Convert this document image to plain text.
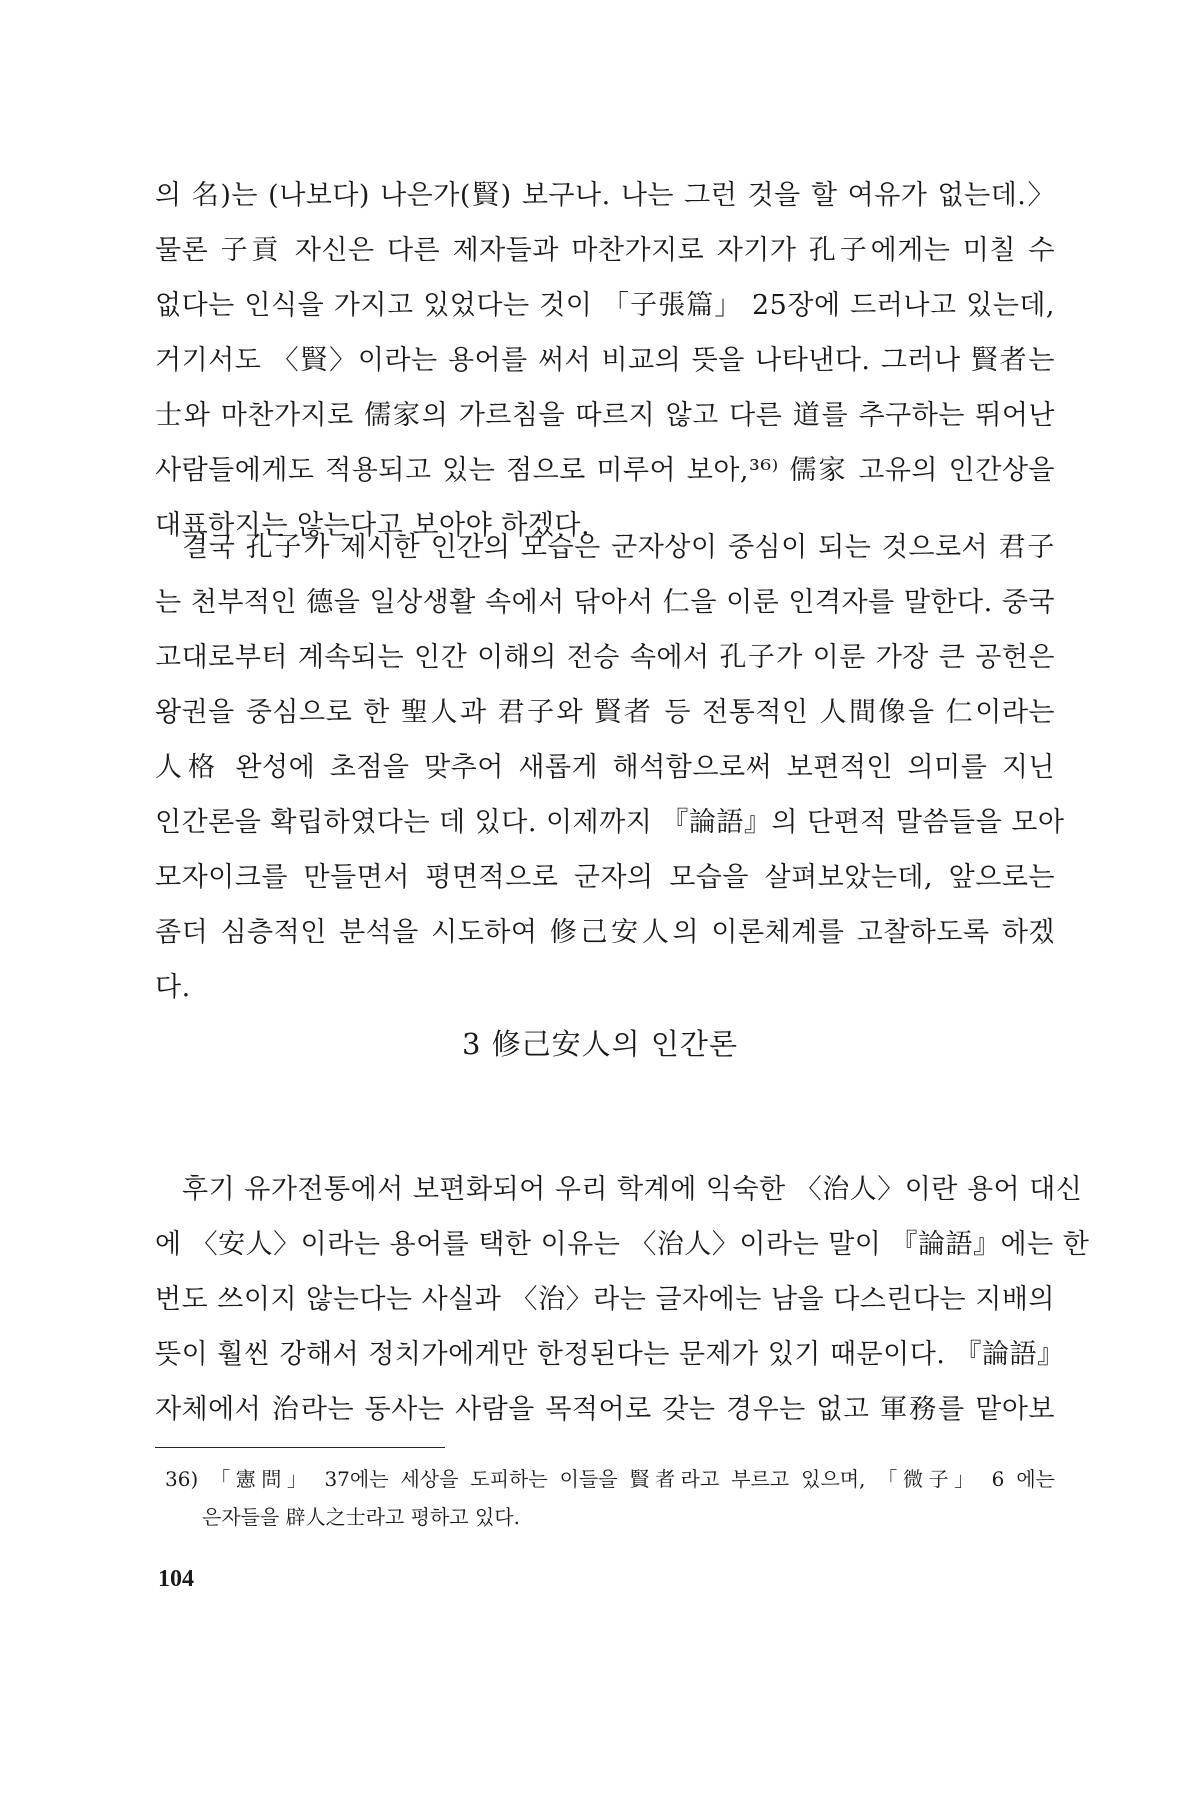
의 名)는 (나보다) 나은가(賢) 보구나. 나는 그런 것을 할 여유가 없는데.〉
물론 子貢 자신은 다른 제자들과 마찬가지로 자기가 孔子에게는 미칠 수
없다는 인식을 가지고 있었다는 것이 「子張篇」 25장에 드러나고 있는데,
거기서도 〈賢〉이라는 용어를 써서 비교의 뜻을 나타낸다. 그러나 賢者는
士와 마찬가지로 儒家의 가르침을 따르지 않고 다른 道를 추구하는 뛰어난
사람들에게도 적용되고 있는 점으로 미루어 보아,³⁶⁾ 儒家 고유의 인간상을
대표하지는 않는다고 보아야 하겠다.
결국 孔子가 제시한 인간의 모습은 군자상이 중심이 되는 것으로서 君子
는 천부적인 德을 일상생활 속에서 닦아서 仁을 이룬 인격자를 말한다. 중국
고대로부터 계속되는 인간 이해의 전승 속에서 孔子가 이룬 가장 큰 공헌은
왕권을 중심으로 한 聖人과 君子와 賢者 등 전통적인 人間像을 仁이라는
人格 완성에 초점을 맞추어 새롭게 해석함으로써 보편적인 의미를 지닌
인간론을 확립하였다는 데 있다. 이제까지 『論語』의 단편적 말씀들을 모아
모자이크를 만들면서 평면적으로 군자의 모습을 살펴보았는데, 앞으로는
좀더 심층적인 분석을 시도하여 修己安人의 이론체계를 고찰하도록 하겠
다.
3 修己安人의 인간론
후기 유가전통에서 보편화되어 우리 학계에 익숙한 〈治人〉이란 용어 대신
에 〈安人〉이라는 용어를 택한 이유는 〈治人〉이라는 말이 『論語』에는 한
번도 쓰이지 않는다는 사실과 〈治〉라는 글자에는 남을 다스린다는 지배의
뜻이 훨씬 강해서 정치가에게만 한정된다는 문제가 있기 때문이다. 『論語』
자체에서 治라는 동사는 사람을 목적어로 갖는 경우는 없고 軍務를 맡아보
36) 「憲問」 37에는 세상을 도피하는 이들을 賢者라고 부르고 있으며, 「微子」 6 에는
은자들을 辟人之士라고 평하고 있다.
104
